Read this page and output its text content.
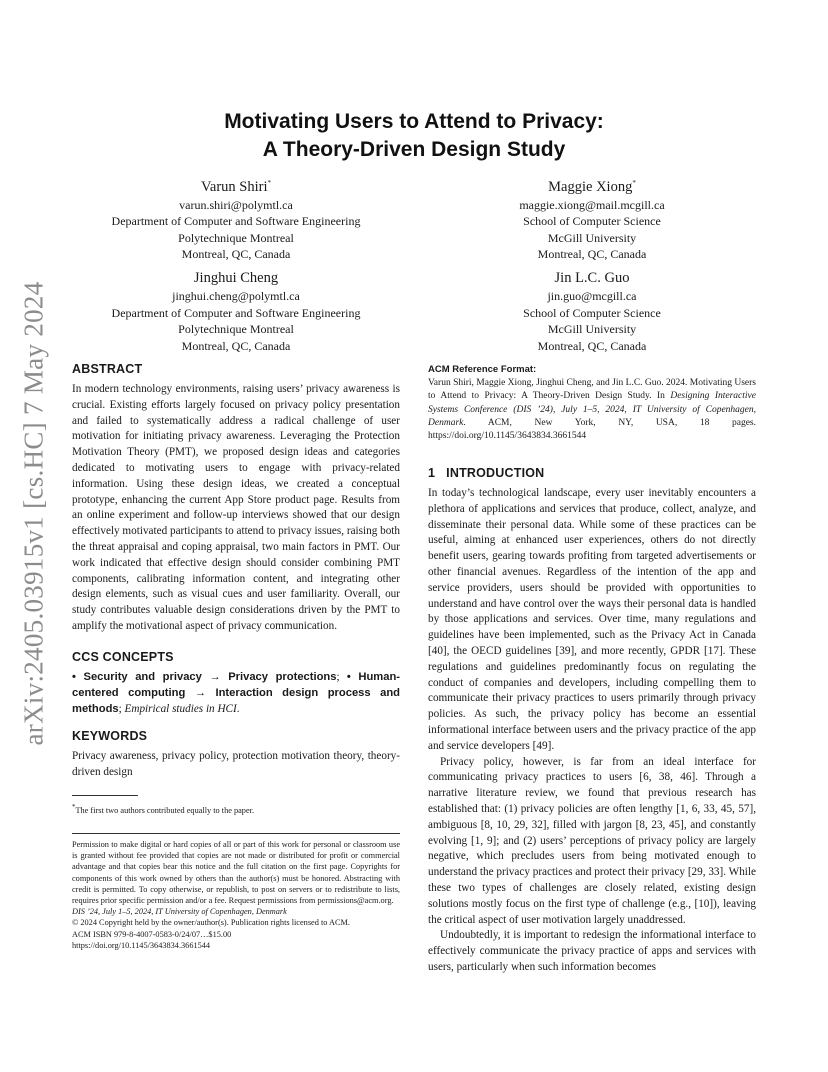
arXiv:2405.03915v1 [cs.HC] 7 May 2024
Motivating Users to Attend to Privacy:
A Theory-Driven Design Study
Varun Shiri*
varun.shiri@polymtl.ca
Department of Computer and Software Engineering
Polytechnique Montreal
Montreal, QC, Canada
Maggie Xiong*
maggie.xiong@mail.mcgill.ca
School of Computer Science
McGill University
Montreal, QC, Canada
Jinghui Cheng
jinghui.cheng@polymtl.ca
Department of Computer and Software Engineering
Polytechnique Montreal
Montreal, QC, Canada
Jin L.C. Guo
jin.guo@mcgill.ca
School of Computer Science
McGill University
Montreal, QC, Canada
ABSTRACT

In modern technology environments, raising users’ privacy awareness is crucial. Existing efforts largely focused on privacy policy presentation and failed to systematically address a radical challenge of user motivation for initiating privacy awareness. Leveraging the Protection Motivation Theory (PMT), we proposed design ideas and categories dedicated to motivating users to engage with privacy-related information. Using these design ideas, we created a conceptual prototype, enhancing the current App Store product page. Results from an online experiment and follow-up interviews showed that our design effectively motivated participants to attend to privacy issues, raising both the threat appraisal and coping appraisal, two main factors in PMT. Our work indicated that effective design should consider combining PMT components, calibrating information content, and integrating other design elements, such as visual cues and user familiarity. Overall, our study contributes valuable design considerations driven by the PMT to amplify the motivational aspect of privacy communication.

CCS CONCEPTS

• Security and privacy → Privacy protections; • Human-centered computing → Interaction design process and methods; Empirical studies in HCI.

KEYWORDS

Privacy awareness, privacy policy, protection motivation theory, theory-driven design

*The first two authors contributed equally to the paper.

Permission to make digital or hard copies of all or part of this work for personal or classroom use is granted without fee provided that copies are not made or distributed for profit or commercial advantage and that copies bear this notice and the full citation on the first page. Copyrights for components of this work owned by others than the author(s) must be honored. Abstracting with credit is permitted. To copy otherwise, or republish, to post on servers or to redistribute to lists, requires prior specific permission and/or a fee. Request permissions from permissions@acm.org.

DIS ’24, July 1–5, 2024, IT University of Copenhagen, Denmark

© 2024 Copyright held by the owner/author(s). Publication rights licensed to ACM.

ACM ISBN 979-8-4007-0583-0/24/07…$15.00

https://doi.org/10.1145/3643834.3661544

ACM Reference Format:

Varun Shiri, Maggie Xiong, Jinghui Cheng, and Jin L.C. Guo. 2024. Motivating Users to Attend to Privacy: A Theory-Driven Design Study. In Designing Interactive Systems Conference (DIS ’24), July 1–5, 2024, IT University of Copenhagen, Denmark. ACM, New York, NY, USA, 18 pages. https://doi.org/10.1145/3643834.3661544

1   INTRODUCTION

In today’s technological landscape, every user inevitably encounters a plethora of applications and services that produce, collect, analyze, and disseminate their personal data. While some of these practices can be useful, aiming at enhanced user experiences, others do not directly benefit users, gearing towards profiting from targeted advertisements or other financial avenues. Regardless of the intention of the app and service providers, users should be provided with opportunities to understand and have control over the ways their personal data is handled by those applications and services. Over time, many regulations and guidelines have been implemented, such as the Privacy Act in Canada [40], the OECD guidelines [39], and more recently, GPDR [17]. These regulations and guidelines predominantly focus on regulating the conduct of companies and developers, including compelling them to communicate their privacy practices to users primarily through privacy policies. As such, the privacy policy has become an essential informational interface between users and the privacy practice of the app and service developers [49].

Privacy policy, however, is far from an ideal interface for communicating privacy practices to users [6, 38, 46]. Through a narrative literature review, we found that previous research has established that: (1) privacy policies are often lengthy [1, 6, 33, 45, 57], ambiguous [8, 10, 29, 32], filled with jargon [8, 23, 45], and constantly evolving [1, 9]; and (2) users’ perceptions of privacy policy are largely negative, which precludes users from being motivated enough to understand the privacy practices and protect their privacy [29, 33]. While these two types of challenges are closely related, existing design solutions mostly focus on the first type of challenge (e.g., [10]), leaving the critical aspect of user motivation largely unaddressed.

Undoubtedly, it is important to redesign the informational interface to effectively communicate the privacy practice of apps and services with users, particularly when such information becomes
